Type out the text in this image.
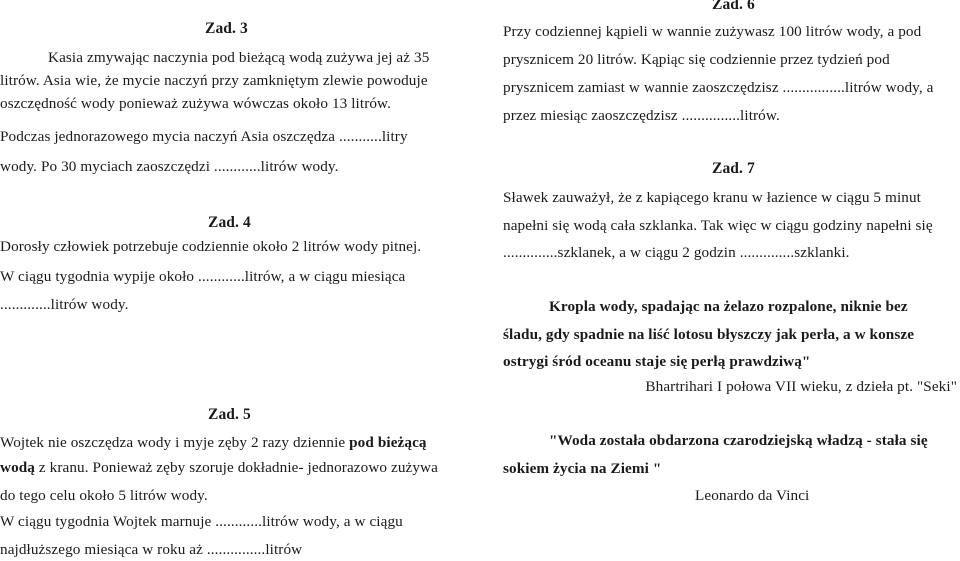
Zad. 3
Kasia zmywając naczynia pod bieżącą wodą zużywa jej aż 35
litrów. Asia wie, że mycie naczyń przy zamkniętym zlewie powoduje
oszczędność wody ponieważ zużywa wówczas około 13 litrów.
Podczas jednorazowego mycia naczyń Asia oszczędza ...........litry
wody. Po 30 myciach zaoszczędzi ............litrów wody.
Zad. 4
Dorosły człowiek potrzebuje codziennie około 2 litrów wody pitnej.
W ciągu tygodnia wypije około ............litrów, a w ciągu miesiąca
.............litrów wody.
Zad. 5
Wojtek nie oszczędza wody i myje zęby 2 razy dziennie pod bieżącą
wodą z kranu. Ponieważ zęby szoruje dokładnie- jednorazowo zużywa
do tego celu około 5 litrów wody.
W ciągu tygodnia Wojtek marnuje ............litrów wody, a w ciągu
najdłuższego miesiąca w roku aż ...............litrów
Zad. 6
Przy codziennej kąpieli w wannie zużywasz 100 litrów wody, a pod
prysznicem 20 litrów. Kąpiąc się codziennie przez tydzień pod
prysznicem zamiast w wannie zaoszczędzisz ................litrów wody, a
przez miesiąc zaoszczędzisz ...............litrów.
Zad. 7
Sławek zauważył, że z kapiącego kranu w łazience w ciągu 5 minut
napełni się wodą cała szklanka. Tak więc w ciągu godziny napełni się
..............szklanek, a w ciągu 2 godzin ..............szklanki.
Kropla wody, spadając na żelazo rozpalone, niknie bez
śladu, gdy spadnie na liść lotosu błyszczy jak perła, a w konsze
ostrygi śród oceanu staje się perłą prawdziwą"
Bhartrihari I połowa VII wieku, z dzieła pt. "Seki"
"Woda została obdarzona czarodziejską władzą - stała się
sokiem życia na Ziemi "
Leonardo da Vinci
